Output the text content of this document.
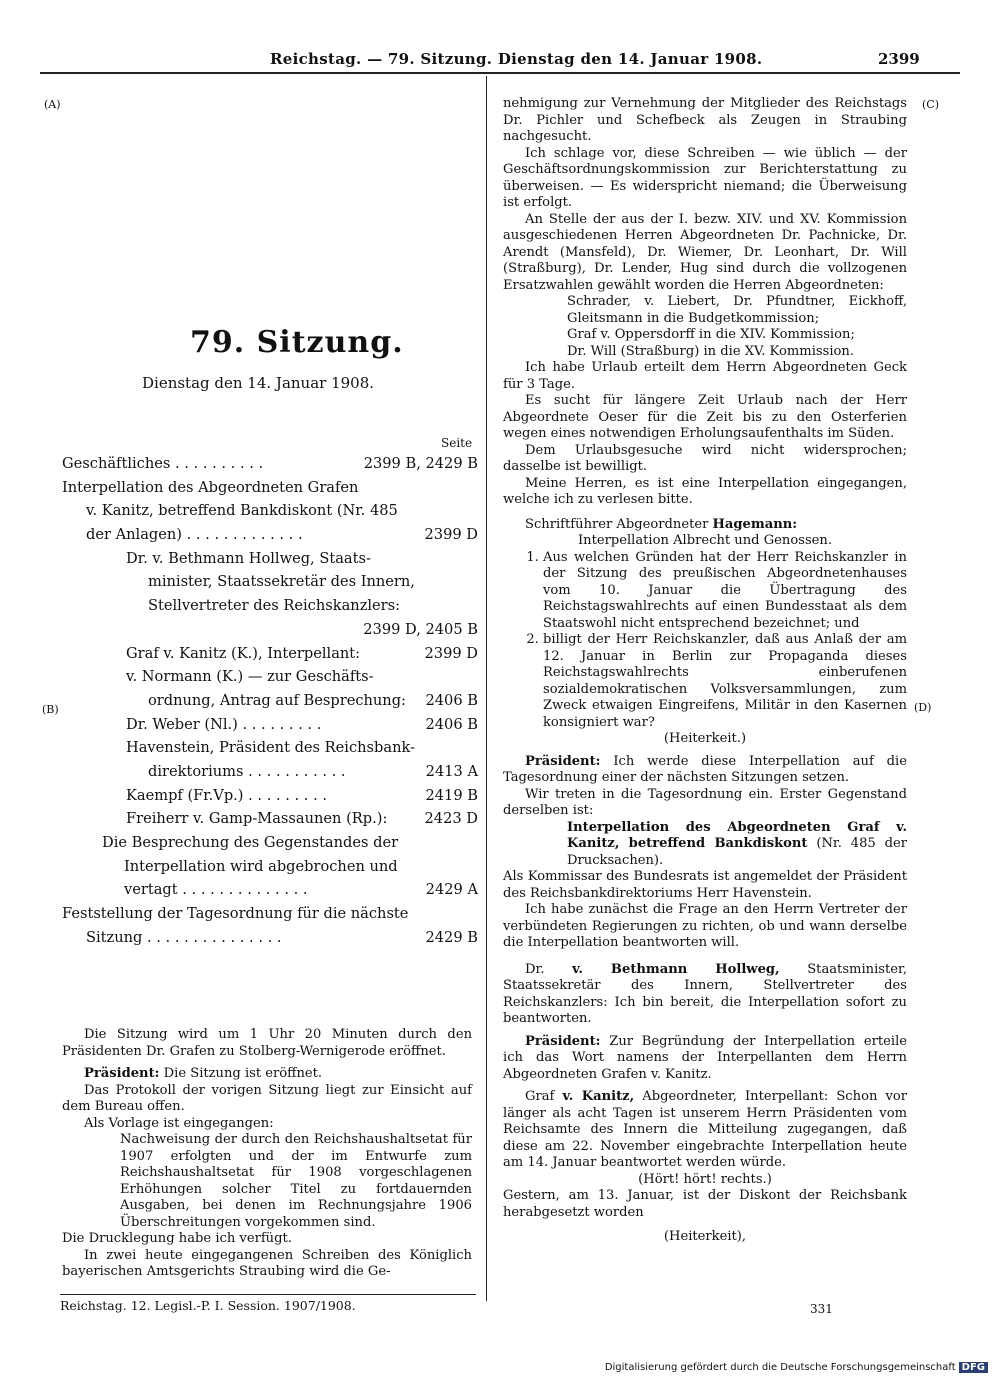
Reichstag. — 79. Sitzung. Dienstag den 14. Januar 1908.	2399
(A)
(B)
(C)
(D)
79. Sitzung.
Dienstag den 14. Januar 1908.
Seite
Geschäftliches . . . . . . . . . .	2399 B, 2429 B
Interpellation des Abgeordneten Grafen
v. Kanitz, betreffend Bankdiskont (Nr. 485
der Anlagen) . . . . . . . . . . . . .	2399 D
Dr. v. Bethmann Hollweg, Staats-
minister, Staatssekretär des Innern,
Stellvertreter des Reichskanzlers:
2399 D, 2405 B
Graf v. Kanitz (K.), Interpellant:	2399 D
v. Normann (K.) — zur Geschäfts-
ordnung, Antrag auf Besprechung: 2406 B
Dr. Weber (Nl.) . . . . . . . . .	2406 B
Havenstein, Präsident des Reichsbank-
direktoriums . . . . . . . . . . .	2413 A
Kaempf (Fr.Vp.) . . . . . . . . .	2419 B
Freiherr v. Gamp-Massaunen (Rp.):	2423 D
Die Besprechung des Gegenstandes der
Interpellation wird abgebrochen und
vertagt . . . . . . . . . . . . . .	2429 A
Feststellung der Tagesordnung für die nächste
Sitzung . . . . . . . . . . . . . . .	2429 B

Die Sitzung wird um 1 Uhr 20 Minuten durch den Präsidenten Dr. Grafen zu Stolberg-Wernigerode eröffnet.

Präsident: Die Sitzung ist eröffnet.

Das Protokoll der vorigen Sitzung liegt zur Einsicht auf dem Bureau offen.

Als Vorlage ist eingegangen:

Nachweisung der durch den Reichshaushaltsetat für 1907 erfolgten und der im Entwurfe zum Reichshaushaltsetat für 1908 vorgeschlagenen Erhöhungen solcher Titel zu fortdauernden Ausgaben, bei denen im Rechnungsjahre 1906 Überschreitungen vorgekommen sind.

Die Drucklegung habe ich verfügt.

In zwei heute eingegangenen Schreiben des Königlich bayerischen Amtsgerichts Straubing wird die Ge-

nehmigung zur Vernehmung der Mitglieder des Reichstags Dr. Pichler und Schefbeck als Zeugen in Straubing nachgesucht.

Ich schlage vor, diese Schreiben — wie üblich — der Geschäftsordnungskommission zur Berichterstattung zu überweisen. — Es widerspricht niemand; die Überweisung ist erfolgt.

An Stelle der aus der I. bezw. XIV. und XV. Kommission ausgeschiedenen Herren Abgeordneten Dr. Pachnicke, Dr. Arendt (Mansfeld), Dr. Wiemer, Dr. Leonhart, Dr. Will (Straßburg), Dr. Lender, Hug sind durch die vollzogenen Ersatzwahlen gewählt worden die Herren Abgeordneten:

Schrader, v. Liebert, Dr. Pfundtner, Eickhoff, Gleitsmann in die Budgetkommission;

Graf v. Oppersdorff in die XIV. Kommission;

Dr. Will (Straßburg) in die XV. Kommission.

Ich habe Urlaub erteilt dem Herrn Abgeordneten Geck für 3 Tage.

Es sucht für längere Zeit Urlaub nach der Herr Abgeordnete Oeser für die Zeit bis zu den Osterferien wegen eines notwendigen Erholungsaufenthalts im Süden.

Dem Urlaubsgesuche wird nicht widersprochen; dasselbe ist bewilligt.

Meine Herren, es ist eine Interpellation eingegangen, welche ich zu verlesen bitte.

Schriftführer Abgeordneter Hagemann:

Interpellation Albrecht und Genossen.

1. Aus welchen Gründen hat der Herr Reichskanzler in der Sitzung des preußischen Abgeordnetenhauses vom 10. Januar die Übertragung des Reichstagswahlrechts auf einen Bundesstaat als dem Staatswohl nicht entsprechend bezeichnet; und
2. billigt der Herr Reichskanzler, daß aus Anlaß der am 12. Januar in Berlin zur Propaganda dieses Reichstagswahlrechts einberufenen sozialdemokratischen Volksversammlungen, zum Zweck etwaigen Eingreifens, Militär in den Kasernen konsigniert war?

(Heiterkeit.)

Präsident: Ich werde diese Interpellation auf die Tagesordnung einer der nächsten Sitzungen setzen.

Wir treten in die Tagesordnung ein. Erster Gegenstand derselben ist:

Interpellation des Abgeordneten Graf v. Kanitz, betreffend Bankdiskont (Nr. 485 der Drucksachen).

Als Kommissar des Bundesrats ist angemeldet der Präsident des Reichsbankdirektoriums Herr Havenstein.

Ich habe zunächst die Frage an den Herrn Vertreter der verbündeten Regierungen zu richten, ob und wann derselbe die Interpellation beantworten will.

Dr. v. Bethmann Hollweg, Staatsminister, Staatssekretär des Innern, Stellvertreter des Reichskanzlers: Ich bin bereit, die Interpellation sofort zu beantworten.

Präsident: Zur Begründung der Interpellation erteile ich das Wort namens der Interpellanten dem Herrn Abgeordneten Grafen v. Kanitz.

Graf v. Kanitz, Abgeordneter, Interpellant: Schon vor länger als acht Tagen ist unserem Herrn Präsidenten vom Reichsamte des Innern die Mitteilung zugegangen, daß diese am 22. November eingebrachte Interpellation heute am 14. Januar beantwortet werden würde.

(Hört! hört! rechts.)

Gestern, am 13. Januar, ist der Diskont der Reichsbank herabgesetzt worden

(Heiterkeit),

Reichstag. 12. Legisl.-P. I. Session. 1907/1908.	331
Digitalisierung gefördert durch die Deutsche Forschungsgemeinschaft DFG
